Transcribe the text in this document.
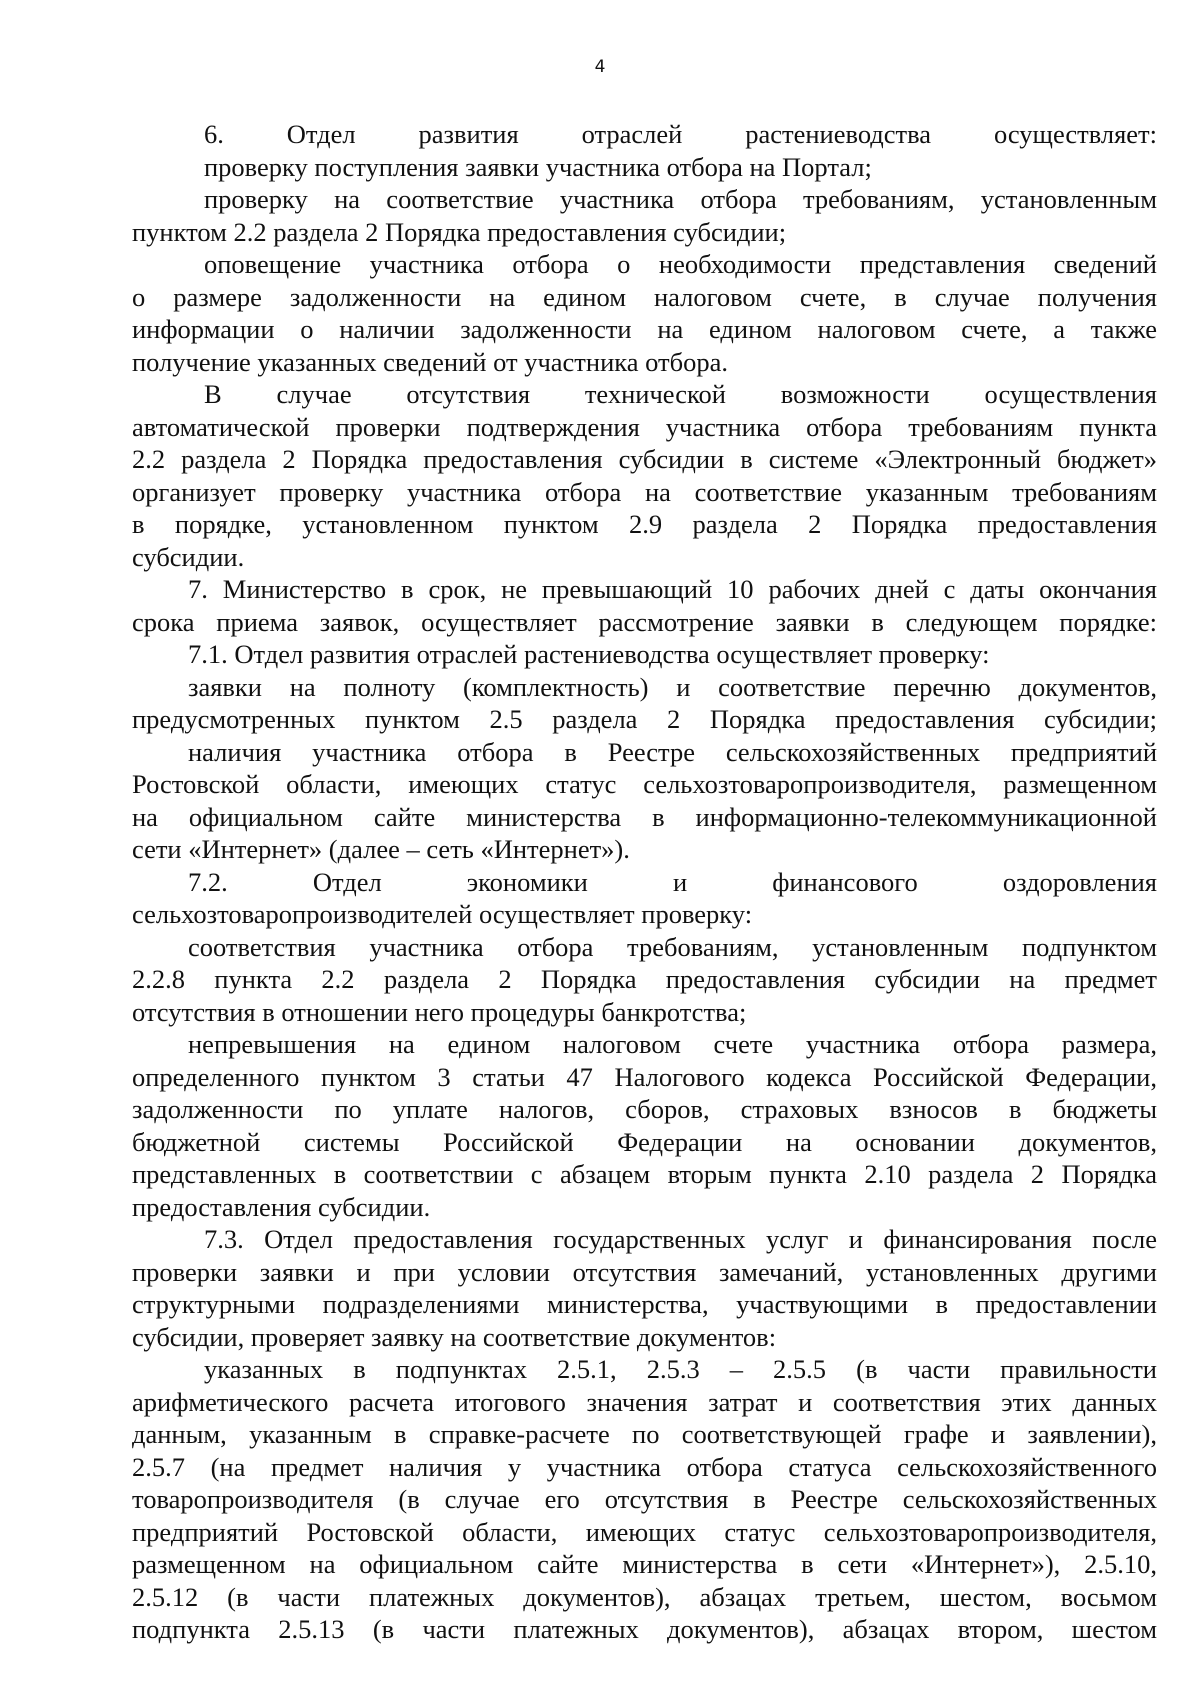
4
6. Отдел развития отраслей растениеводства осуществляет:
проверку поступления заявки участника отбора на Портал;
проверку на соответствие участника отбора требованиям, установленным
пунктом 2.2 раздела 2 Порядка предоставления субсидии;
оповещение участника отбора о необходимости представления сведений
о размере задолженности на едином налоговом счете, в случае получения
информации о наличии задолженности на едином налоговом счете, а также
получение указанных сведений от участника отбора.
В случае отсутствия технической возможности осуществления
автоматической проверки подтверждения участника отбора требованиям пункта
2.2 раздела 2 Порядка предоставления субсидии в системе «Электронный бюджет»
организует проверку участника отбора на соответствие указанным требованиям
в порядке, установленном пунктом 2.9 раздела 2 Порядка предоставления
субсидии.
7. Министерство в срок, не превышающий 10 рабочих дней с даты окончания
срока приема заявок, осуществляет рассмотрение заявки в следующем порядке:
7.1. Отдел развития отраслей растениеводства осуществляет проверку:
заявки на полноту (комплектность) и соответствие перечню документов,
предусмотренных пунктом 2.5 раздела 2 Порядка предоставления субсидии;
наличия участника отбора в Реестре сельскохозяйственных предприятий
Ростовской области, имеющих статус сельхозтоваропроизводителя, размещенном
на официальном сайте министерства в информационно-телекоммуникационной
сети «Интернет» (далее – сеть «Интернет»).
7.2. Отдел экономики и финансового оздоровления
сельхозтоваропроизводителей осуществляет проверку:
соответствия участника отбора требованиям, установленным подпунктом
2.2.8 пункта 2.2 раздела 2 Порядка предоставления субсидии на предмет
отсутствия в отношении него процедуры банкротства;
непревышения на едином налоговом счете участника отбора размера,
определенного пунктом 3 статьи 47 Налогового кодекса Российской Федерации,
задолженности по уплате налогов, сборов, страховых взносов в бюджеты
бюджетной системы Российской Федерации на основании документов,
представленных в соответствии с абзацем вторым пункта 2.10 раздела 2 Порядка
предоставления субсидии.
7.3. Отдел предоставления государственных услуг и финансирования после
проверки заявки и при условии отсутствия замечаний, установленных другими
структурными подразделениями министерства, участвующими в предоставлении
субсидии, проверяет заявку на соответствие документов:
указанных в подпунктах 2.5.1, 2.5.3 – 2.5.5 (в части правильности
арифметического расчета итогового значения затрат и соответствия этих данных
данным, указанным в справке-расчете по соответствующей графе и заявлении),
2.5.7 (на предмет наличия у участника отбора статуса сельскохозяйственного
товаропроизводителя (в случае его отсутствия в Реестре сельскохозяйственных
предприятий Ростовской области, имеющих статус сельхозтоваропроизводителя,
размещенном на официальном сайте министерства в сети «Интернет»), 2.5.10,
2.5.12 (в части платежных документов), абзацах третьем, шестом, восьмом
подпункта 2.5.13 (в части платежных документов), абзацах втором, шестом
